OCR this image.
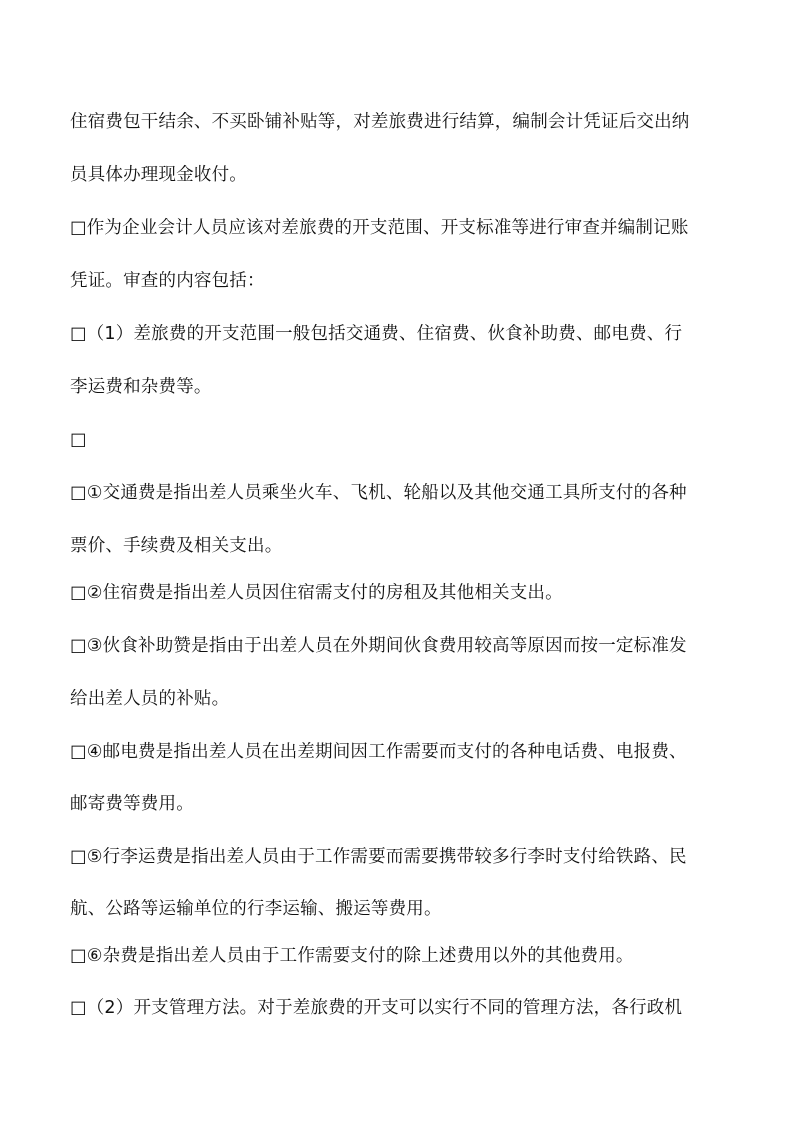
住宿费包干结余、不买卧铺补贴等，对差旅费进行结算，编制会计凭证后交出纳
员具体办理现金收付。
□作为企业会计人员应该对差旅费的开支范围、开支标准等进行审查并编制记账
凭证。审查的内容包括：
□（1）差旅费的开支范围一般包括交通费、住宿费、伙食补助费、邮电费、行
李运费和杂费等。
□
□①交通费是指出差人员乘坐火车、飞机、轮船以及其他交通工具所支付的各种
票价、手续费及相关支出。
□②住宿费是指出差人员因住宿需支付的房租及其他相关支出。
□③伙食补助赞是指由于出差人员在外期间伙食费用较高等原因而按一定标准发
给出差人员的补贴。
□④邮电费是指出差人员在出差期间因工作需要而支付的各种电话费、电报费、
邮寄费等费用。
□⑤行李运费是指出差人员由于工作需要而需要携带较多行李时支付给铁路、民
航、公路等运输单位的行李运输、搬运等费用。
□⑥杂费是指出差人员由于工作需要支付的除上述费用以外的其他费用。
□（2）开支管理方法。对于差旅费的开支可以实行不同的管理方法，各行政机
